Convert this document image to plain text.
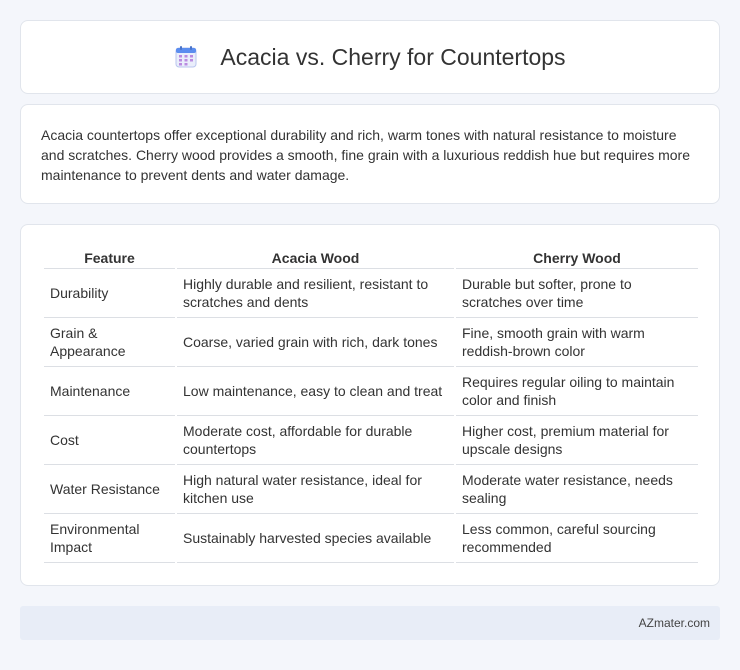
Acacia vs. Cherry for Countertops

Acacia countertops offer exceptional durability and rich, warm tones with natural resistance to moisture and scratches. Cherry wood provides a smooth, fine grain with a luxurious reddish hue but requires more maintenance to prevent dents and water damage.

Feature	Acacia Wood	Cherry Wood
Durability	Highly durable and resilient, resistant to scratches and dents	Durable but softer, prone to scratches over time
Grain & Appearance	Coarse, varied grain with rich, dark tones	Fine, smooth grain with warm reddish-brown color
Maintenance	Low maintenance, easy to clean and treat	Requires regular oiling to maintain color and finish
Cost	Moderate cost, affordable for durable countertops	Higher cost, premium material for upscale designs
Water Resistance	High natural water resistance, ideal for kitchen use	Moderate water resistance, needs sealing
Environmental Impact	Sustainably harvested species available	Less common, careful sourcing recommended
AZmater.com
